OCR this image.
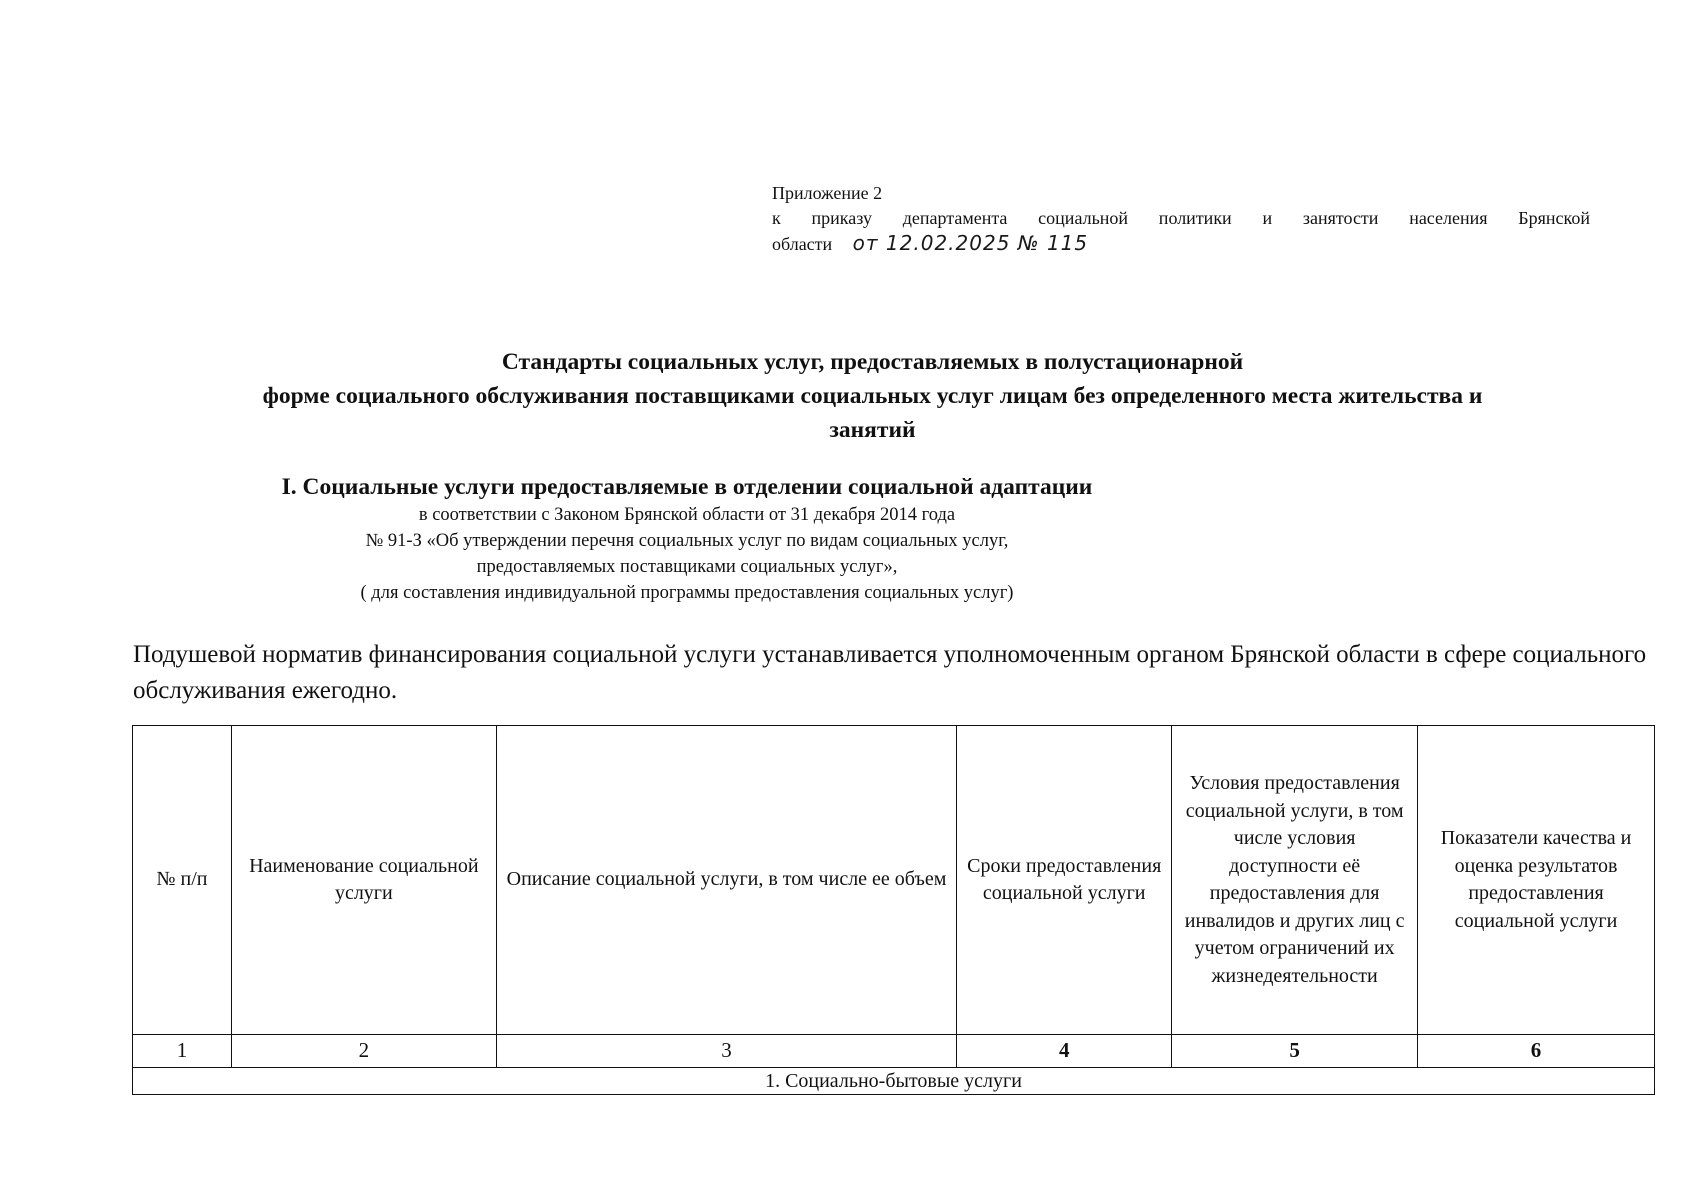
Приложение 2
к приказу департамента социальной политики и занятости населения Брянской
области от 12.02.2025 № 115
Стандарты социальных услуг, предоставляемых в полустационарной
форме социального обслуживания поставщиками социальных услуг лицам без определенного места жительства и
занятий
I. Социальные услуги предоставляемые в отделении социальной адаптации
в соответствии с Законом Брянской области от 31 декабря 2014 года
№ 91-З «Об утверждении перечня социальных услуг по видам социальных услуг,
предоставляемых поставщиками социальных услуг»,
( для составления индивидуальной программы предоставления социальных услуг)
Подушевой норматив финансирования социальной услуги устанавливается уполномоченным органом Брянской области в сфере социального обслуживания ежегодно.
№ п/п	Наименование социальной услуги	Описание социальной услуги, в том числе ее объем	Сроки предоставления социальной услуги	Условия предоставления социальной услуги, в том числе условия доступности её предоставления для инвалидов и других лиц с учетом ограничений их жизнедеятельности	Показатели качества и оценка результатов предоставления социальной услуги
1	2	3	4	5	6
1. Социально-бытовые услуги					
